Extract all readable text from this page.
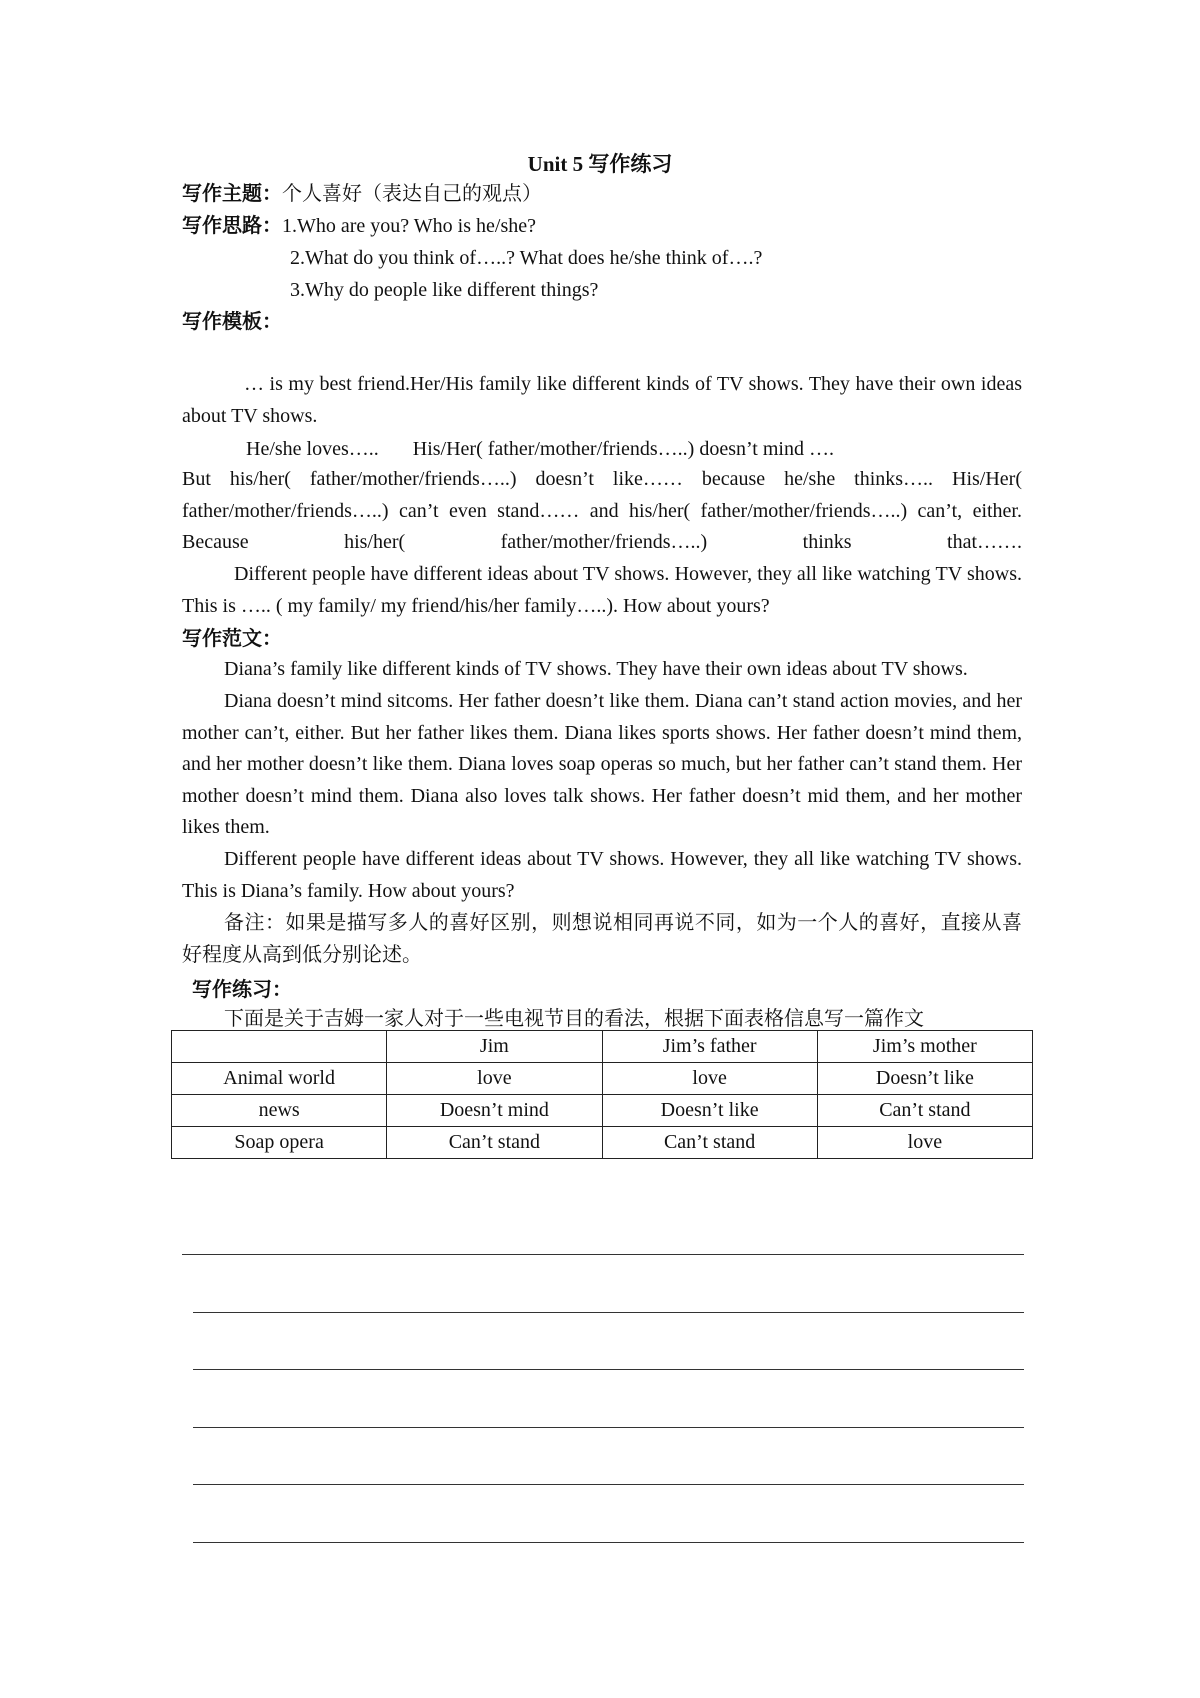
Unit 5 写作练习
写作主题：个人喜好（表达自己的观点）
写作思路：1.Who are you? Who is he/she?
2.What do you think of…..? What does he/she think of….?
3.Why do people like different things?
写作模板：
… is my best friend.Her/His family like different kinds of TV shows. They have their own ideas about TV shows.
He/she loves….. His/Her( father/mother/friends…..) doesn’t mind ….
But his/her( father/mother/friends…..) doesn’t like…… because he/she thinks….. His/Her( father/mother/friends…..) can’t even stand…… and his/her( father/mother/friends…..) can’t, either. Because his/her( father/mother/friends…..) thinks that…….
Different people have different ideas about TV shows. However, they all like watching TV shows. This is ….. ( my family/ my friend/his/her family…..). How about yours?
写作范文：
Diana’s family like different kinds of TV shows. They have their own ideas about TV shows.
Diana doesn’t mind sitcoms. Her father doesn’t like them. Diana can’t stand action movies, and her mother can’t, either. But her father likes them. Diana likes sports shows. Her father doesn’t mind them, and her mother doesn’t like them. Diana loves soap operas so much, but her father can’t stand them. Her mother doesn’t mind them. Diana also loves talk shows. Her father doesn’t mid them, and her mother likes them.
Different people have different ideas about TV shows. However, they all like watching TV shows. This is Diana’s family. How about yours?
备注：如果是描写多人的喜好区别，则想说相同再说不同，如为一个人的喜好，直接从喜好程度从高到低分别论述。
写作练习：
下面是关于吉姆一家人对于一些电视节目的看法，根据下面表格信息写一篇作文
	Jim	Jim’s father	Jim’s mother
Animal world	love	love	Doesn’t like
news	Doesn’t mind	Doesn’t like	Can’t stand
Soap opera	Can’t stand	Can’t stand	love
